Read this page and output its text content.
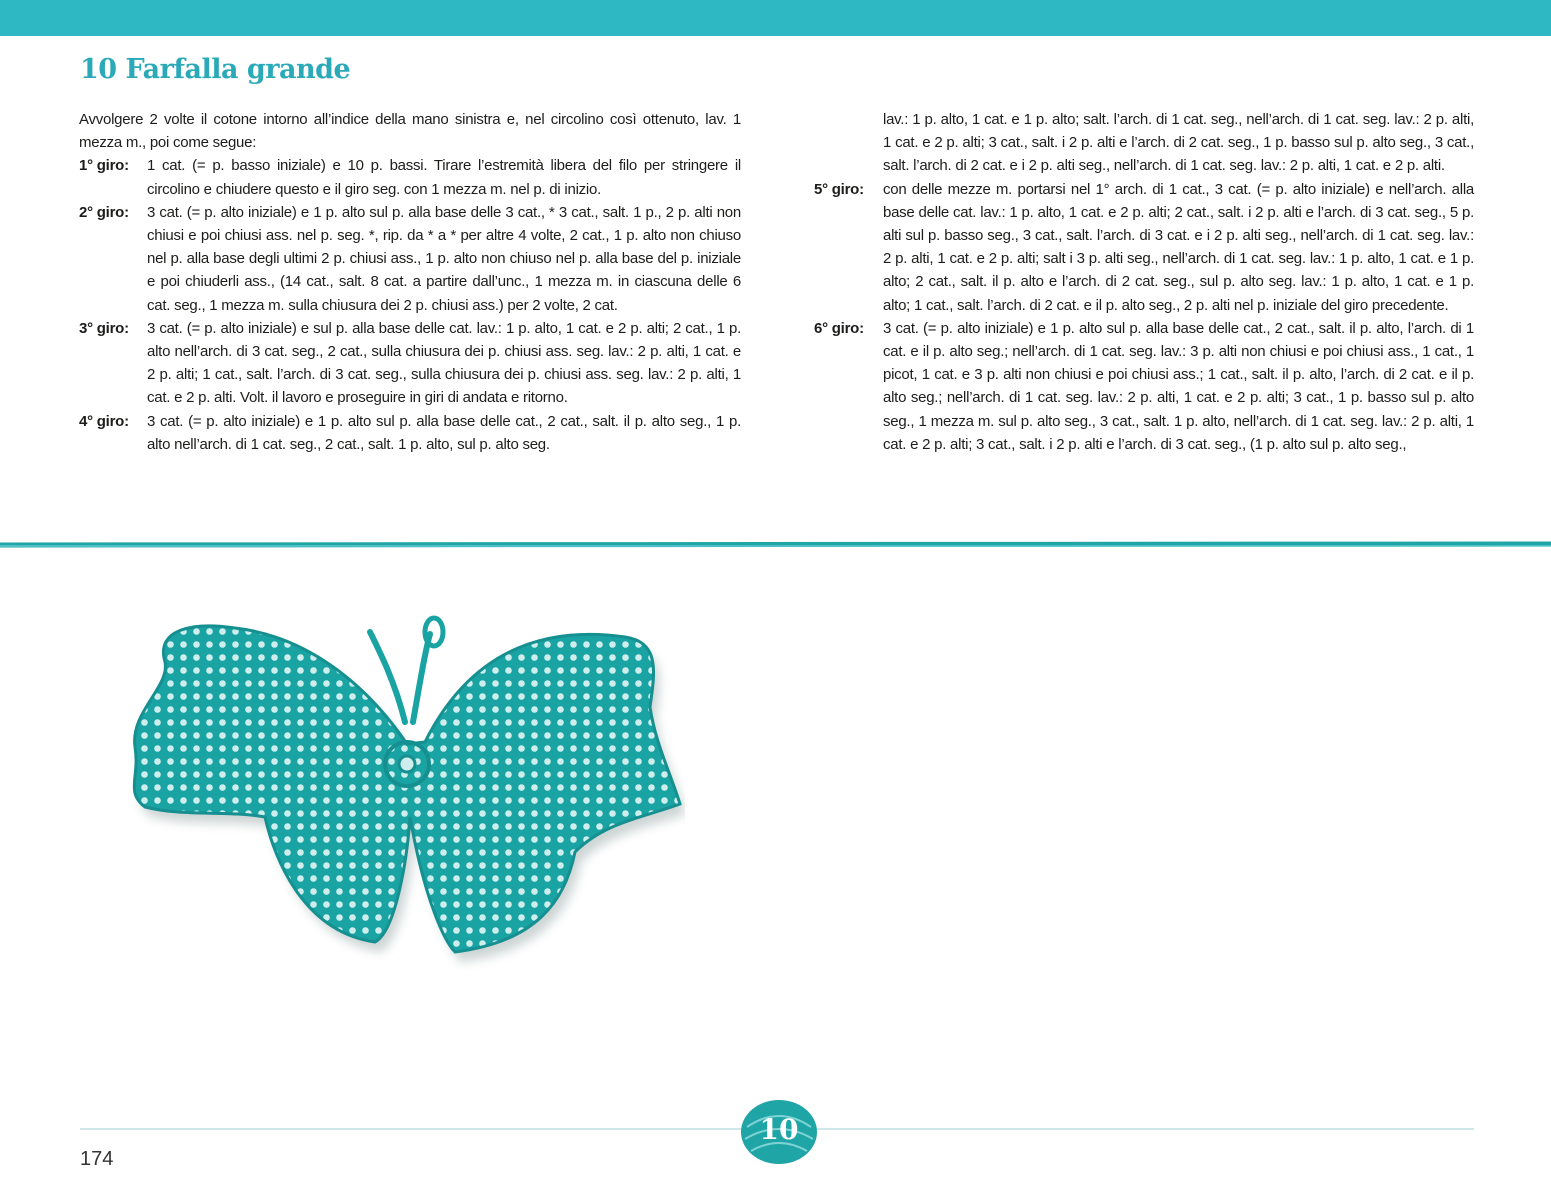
10 Farfalla grande
Avvolgere 2 volte il cotone intorno all’indice della mano sinistra e, nel circolino così ottenuto, lav. 1 mezza m., poi come segue:
1° giro:	1 cat. (= p. basso iniziale) e 10 p. bassi. Tirare l’estremità libera del filo per stringere il circolino e chiudere questo e il giro seg. con 1 mezza m. nel p. di inizio.
2° giro:	3 cat. (= p. alto iniziale) e 1 p. alto sul p. alla base delle 3 cat., * 3 cat., salt. 1 p., 2 p. alti non chiusi e poi chiusi ass. nel p. seg. *, rip. da * a * per altre 4 volte, 2 cat., 1 p. alto non chiuso nel p. alla base degli ultimi 2 p. chiusi ass., 1 p. alto non chiuso nel p. alla base del p. iniziale e poi chiuderli ass., (14 cat., salt. 8 cat. a partire dall’unc., 1 mezza m. in ciascuna delle 6 cat. seg., 1 mezza m. sulla chiusura dei 2 p. chiusi ass.) per 2 volte, 2 cat.
3° giro:	3 cat. (= p. alto iniziale) e sul p. alla base delle cat. lav.: 1 p. alto, 1 cat. e 2 p. alti; 2 cat., 1 p. alto nell’arch. di 3 cat. seg., 2 cat., sulla chiusura dei p. chiusi ass. seg. lav.: 2 p. alti, 1 cat. e 2 p. alti; 1 cat., salt. l’arch. di 3 cat. seg., sulla chiusura dei p. chiusi ass. seg. lav.: 2 p. alti, 1 cat. e 2 p. alti. Volt. il lavoro e proseguire in giri di andata e ritorno.
4° giro:	3 cat. (= p. alto iniziale) e 1 p. alto sul p. alla base delle cat., 2 cat., salt. il p. alto seg., 1 p. alto nell’arch. di 1 cat. seg., 2 cat., salt. 1 p. alto, sul p. alto seg.
lav.: 1 p. alto, 1 cat. e 1 p. alto; salt. l’arch. di 1 cat. seg., nell’arch. di 1 cat. seg. lav.: 2 p. alti, 1 cat. e 2 p. alti; 3 cat., salt. i 2 p. alti e l’arch. di 2 cat. seg., 1 p. basso sul p. alto seg., 3 cat., salt. l’arch. di 2 cat. e i 2 p. alti seg., nell’arch. di 1 cat. seg. lav.: 2 p. alti, 1 cat. e 2 p. alti.
5° giro:	con delle mezze m. portarsi nel 1° arch. di 1 cat., 3 cat. (= p. alto iniziale) e nell’arch. alla base delle cat. lav.: 1 p. alto, 1 cat. e 2 p. alti; 2 cat., salt. i 2 p. alti e l’arch. di 3 cat. seg., 5 p. alti sul p. basso seg., 3 cat., salt. l’arch. di 3 cat. e i 2 p. alti seg., nell’arch. di 1 cat. seg. lav.: 2 p. alti, 1 cat. e 2 p. alti; salt i 3 p. alti seg., nell’arch. di 1 cat. seg. lav.: 1 p. alto, 1 cat. e 1 p. alto; 2 cat., salt. il p. alto e l’arch. di 2 cat. seg., sul p. alto seg. lav.: 1 p. alto, 1 cat. e 1 p. alto; 1 cat., salt. l’arch. di 2 cat. e il p. alto seg., 2 p. alti nel p. iniziale del giro precedente.
6° giro:	3 cat. (= p. alto iniziale) e 1 p. alto sul p. alla base delle cat., 2 cat., salt. il p. alto, l’arch. di 1 cat. e il p. alto seg.; nell’arch. di 1 cat. seg. lav.: 3 p. alti non chiusi e poi chiusi ass., 1 cat., 1 picot, 1 cat. e 3 p. alti non chiusi e poi chiusi ass.; 1 cat., salt. il p. alto, l’arch. di 2 cat. e il p. alto seg.; nell’arch. di 1 cat. seg. lav.: 2 p. alti, 1 cat. e 2 p. alti; 3 cat., 1 p. basso sul p. alto seg., 1 mezza m. sul p. alto seg., 3 cat., salt. 1 p. alto, nell’arch. di 1 cat. seg. lav.: 2 p. alti, 1 cat. e 2 p. alti; 3 cat., salt. i 2 p. alti e l’arch. di 3 cat. seg., (1 p. alto sul p. alto seg.,
174
10
